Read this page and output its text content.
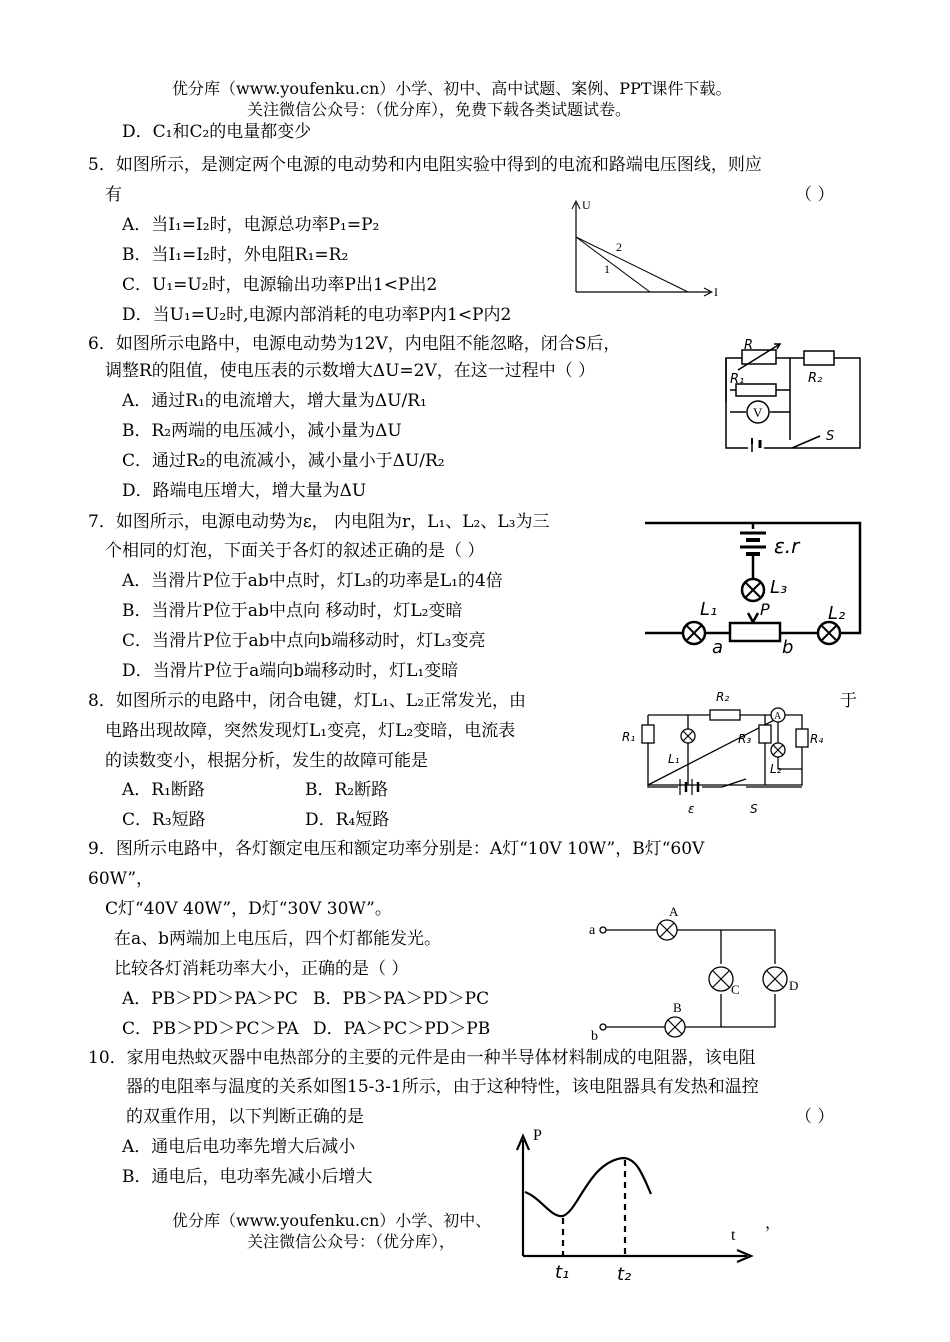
优分库（www.youfenku.cn）小学、初中、高中试题、案例、PPT课件下载。
关注微信公众号：（优分库），免费下载各类试题试卷。
D．C₁和C₂的电量都变少
5．如图所示，是测定两个电源的电动势和内电阻实验中得到的电流和路端电压图线，则应
有	（ ）
A．当I₁=I₂时，电源总功率P₁=P₂
B．当I₁=I₂时，外电阻R₁=R₂
C．U₁=U₂时，电源输出功率P出1<P出2
D．当U₁=U₂时,电源内部消耗的电功率P内1<P内2
U
I
1
2
6．如图所示电路中，电源电动势为12V，内电阻不能忽略，闭合S后，
调整R的阻值，使电压表的示数增大ΔU=2V，在这一过程中（ ）
A．通过R₁的电流增大，增大量为ΔU/R₁
B．R₂两端的电压减小，减小量为ΔU
C．通过R₂的电流减小，减小量小于ΔU/R₂
D．路端电压增大，增大量为ΔU
R
R₁	R₂
V
S
7．如图所示，电源电动势为ε， 内电阻为r，L₁、L₂、L₃为三
个相同的灯泡，下面关于各灯的叙述正确的是（ ）
A．当滑片P位于ab中点时，灯L₃的功率是L₁的4倍
B．当滑片P位于ab中点向 移动时，灯L₂变暗
C．当滑片P位于ab中点向b端移动时，灯L₃变亮
D．当滑片P位于a端向b端移动时，灯L₁变暗
ε.r
L₃
P
L₁	L₂
a	b
8．如图所示的电路中，闭合电键，灯L₁、L₂正常发光，由	于
电路出现故障，突然发现灯L₁变亮，灯L₂变暗，电流表
的读数变小，根据分析，发生的故障可能是
A．R₁断路	B．R₂断路
C．R₃短路	D．R₄短路
R₂
R₁	R₃	R₄
L₁
L₂
A
ε	S
9．图所示电路中，各灯额定电压和额定功率分别是：A灯“10V 10W”，B灯“60V
60W”，
C灯“40V 40W”，D灯“30V 30W”。
在a、b两端加上电压后，四个灯都能发光。
比较各灯消耗功率大小，正确的是（ ）
A．PB＞PD＞PA＞PC B．PB＞PA＞PD＞PC
C．PB＞PD＞PC＞PA D．PA＞PC＞PD＞PB
a
b
A
B
C	D
10．家用电热蚊灭器中电热部分的主要的元件是由一种半导体材料制成的电阻器，该电阻
器的电阻率与温度的关系如图15-3-1所示，由于这种特性，该电阻器具有发热和温控
的双重作用，以下判断正确的是	（ ）
A．通电后电功率先增大后减小
B．通电后，电功率先减小后增大
P
t
t₁	t₂
优分库（www.youfenku.cn）小学、初中、
关注微信公众号：（优分库），
，
